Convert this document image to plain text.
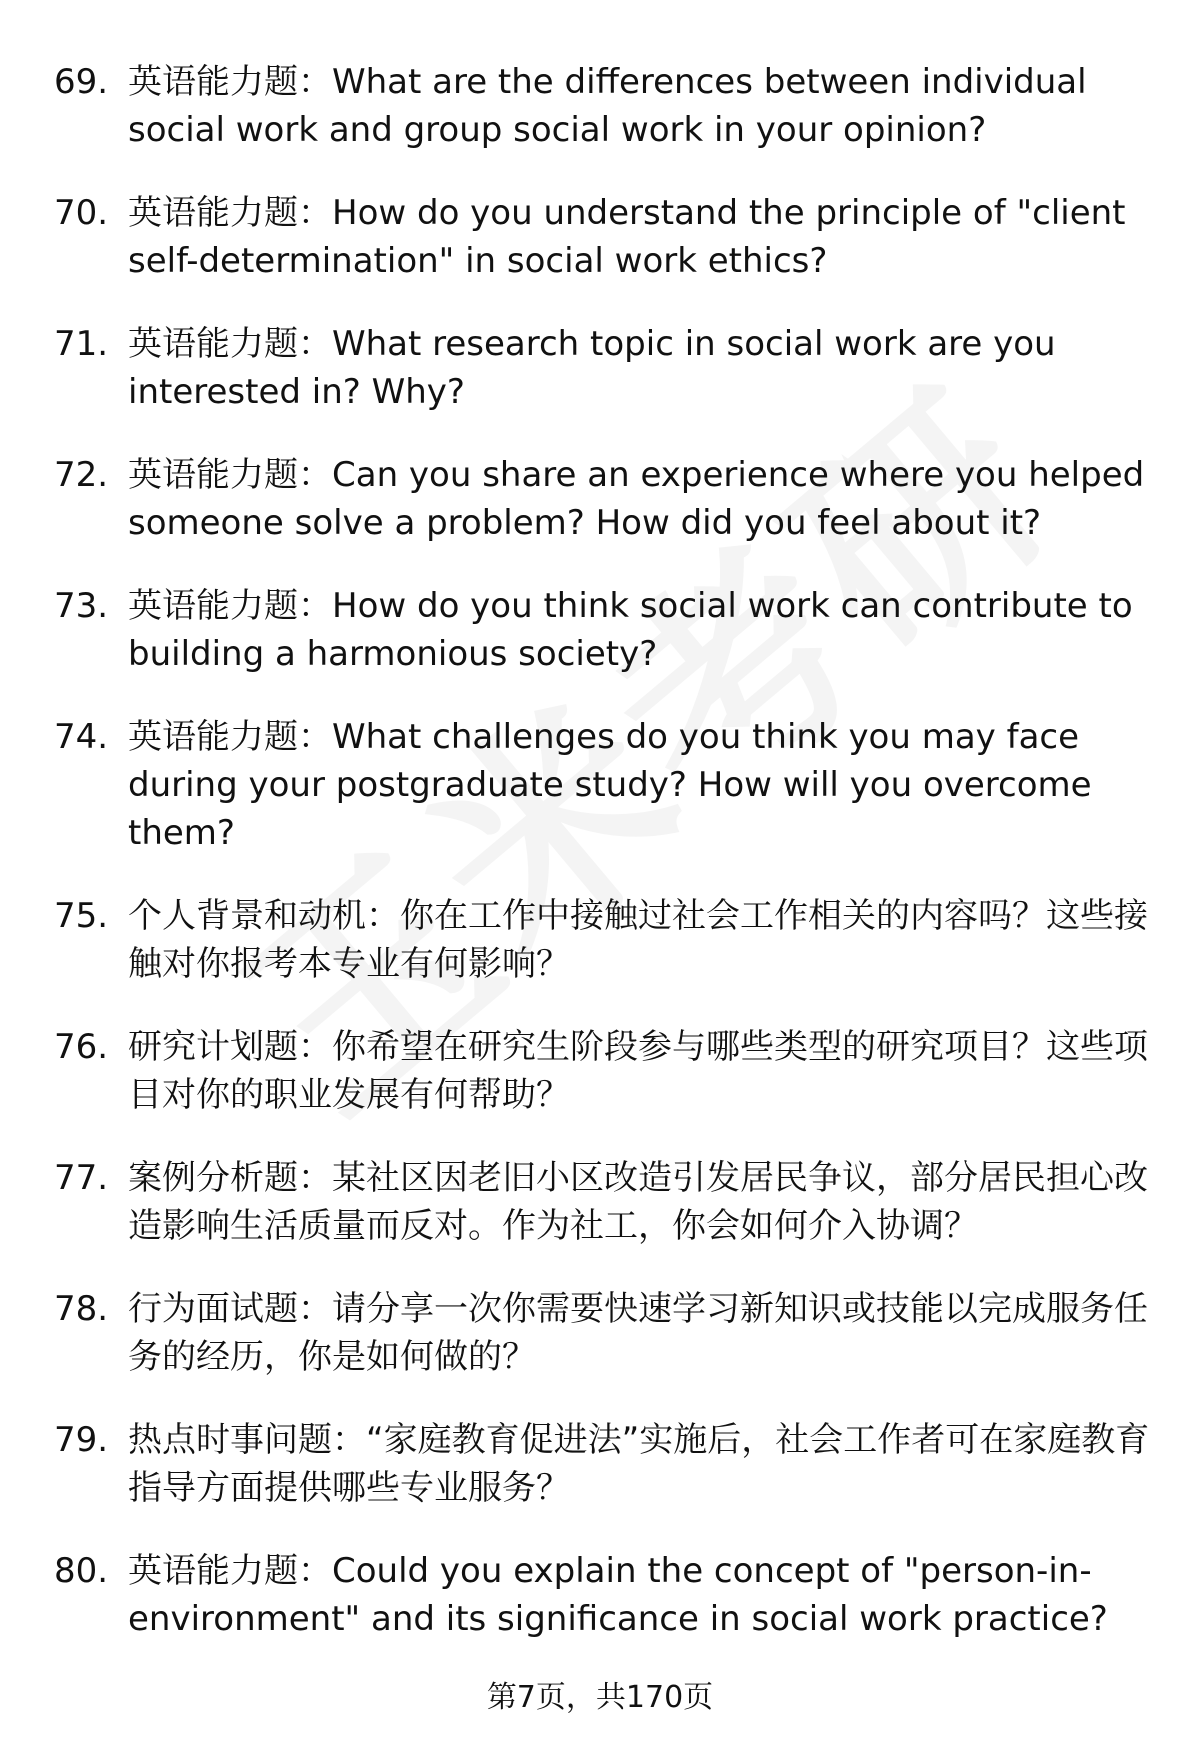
69. 英语能力题：What are the differences between individual social work and group social work in your opinion?
70. 英语能力题：How do you understand the principle of "client self-determination" in social work ethics?
71. 英语能力题：What research topic in social work are you interested in? Why?
72. 英语能力题：Can you share an experience where you helped someone solve a problem? How did you feel about it?
73. 英语能力题：How do you think social work can contribute to building a harmonious society?
74. 英语能力题：What challenges do you think you may face during your postgraduate study? How will you overcome them?
75. 个人背景和动机：你在工作中接触过社会工作相关的内容吗？这些接触对你报考本专业有何影响？
76. 研究计划题：你希望在研究生阶段参与哪些类型的研究项目？这些项目对你的职业发展有何帮助？
77. 案例分析题：某社区因老旧小区改造引发居民争议，部分居民担心改造影响生活质量而反对。作为社工，你会如何介入协调？
78. 行为面试题：请分享一次你需要快速学习新知识或技能以完成服务任务的经历，你是如何做的？
79. 热点时事问题：“家庭教育促进法”实施后，社会工作者可在家庭教育指导方面提供哪些专业服务？
80. 英语能力题：Could you explain the concept of "person-in-environment" and its significance in social work practice?
第7页，共170页
